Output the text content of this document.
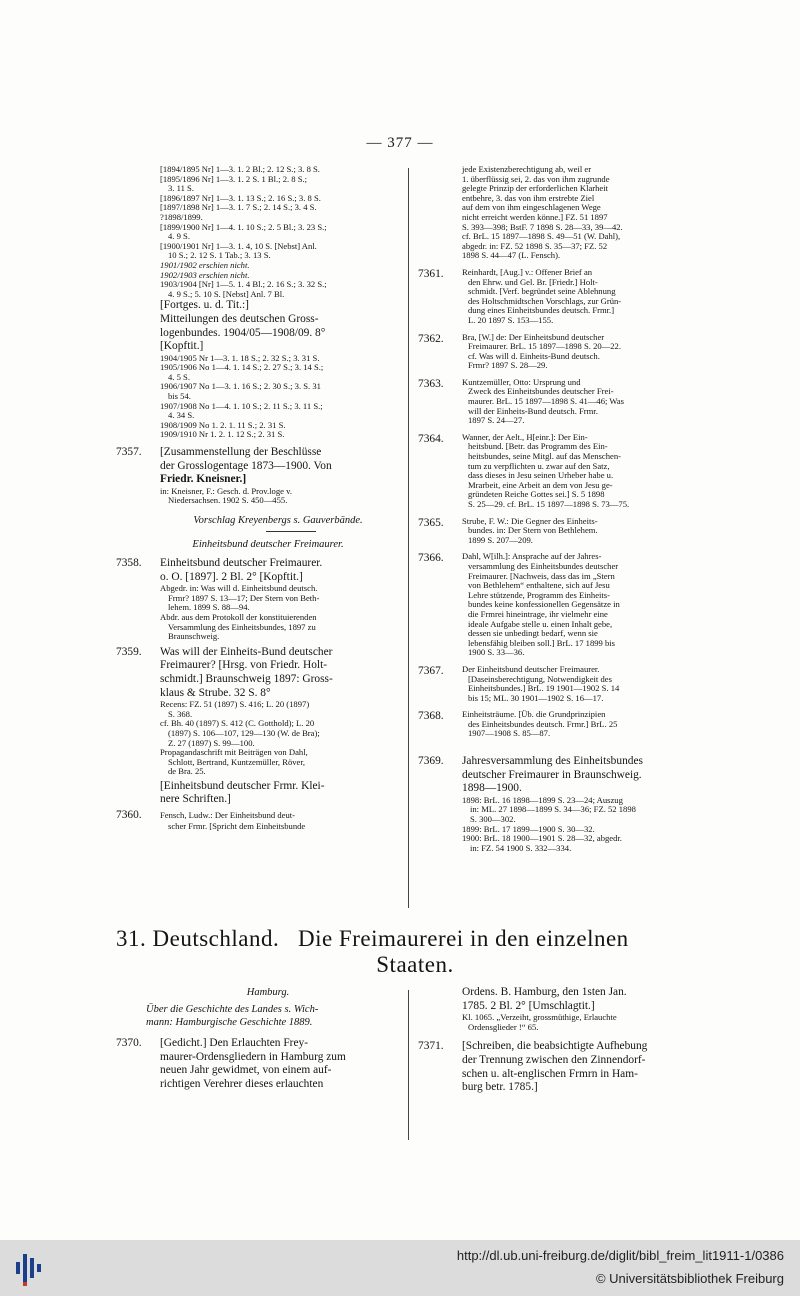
— 377 —
[1894/1895 Nr] 1—3. 1. 2 Bl.; 2. 12 S.; 3. 8 S.
[1895/1896 Nr] 1—3. 1. 2 S. 1 Bl.; 2. 8 S.;
3. 11 S.
[1896/1897 Nr] 1—3. 1. 13 S.; 2. 16 S.; 3. 8 S.
[1897/1898 Nr] 1—3. 1. 7 S.; 2. 14 S.; 3. 4 S.
?1898/1899.
[1899/1900 Nr] 1—4. 1. 10 S.; 2. 5 Bl.; 3. 23 S.;
4. 9 S.
[1900/1901 Nr] 1—3. 1. 4, 10 S. [Nebst] Anl.
10 S.; 2. 12 S. 1 Tab.; 3. 13 S.
1901/1902 erschien nicht.
1902/1903 erschien nicht.
1903/1904 [Nr] 1—5. 1. 4 Bl.; 2. 16 S.; 3. 32 S.;
4. 9 S.; 5. 10 S. [Nebst] Anl. 7 Bl.
[Fortges. u. d. Tit.:]
Mitteilungen des deutschen Gross-
logenbundes. 1904/05—1908/09. 8°
[Kopftit.]
1904/1905 Nr 1—3. 1. 18 S.; 2. 32 S.; 3. 31 S.
1905/1906 No 1—4. 1. 14 S.; 2. 27 S.; 3. 14 S.;
4. 5 S.
1906/1907 No 1—3. 1. 16 S.; 2. 30 S.; 3. S. 31
bis 54.
1907/1908 No 1—4. 1. 10 S.; 2. 11 S.; 3. 11 S.;
4. 34 S.
1908/1909 No 1. 2. 1. 11 S.; 2. 31 S.
1909/1910 Nr 1. 2. 1. 12 S.; 2. 31 S.
7357. [Zusammenstellung der Beschlüsse
der Grosslogentage 1873—1900. Von
Friedr. Kneisner.]
in: Kneisner, F.: Gesch. d. Prov.loge v.
Niedersachsen. 1902 S. 450—455.
Vorschlag Kreyenbergs s. Gauverbände.
Einheitsbund deutscher Freimaurer.
7358. Einheitsbund deutscher Freimaurer.
o. O. [1897]. 2 Bl. 2° [Kopftit.]
Abgedr. in: Was will d. Einheitsbund deutsch.
Frmr? 1897 S. 13—17; Der Stern von Beth-
lehem. 1899 S. 88—94.
Abdr. aus dem Protokoll der konstituierenden
Versammlung des Einheitsbundes, 1897 zu
Braunschweig.
7359. Was will der Einheits-Bund deutscher
Freimaurer? [Hrsg. von Friedr. Holt-
schmidt.] Braunschweig 1897: Gross-
klaus & Strube. 32 S. 8°
Recens: FZ. 51 (1897) S. 416; L. 20 (1897)
S. 368.
cf. Bh. 40 (1897) S. 412 (C. Gotthold); L. 20
(1897) S. 106—107, 129—130 (W. de Bra);
Z. 27 (1897) S. 99—100.
Propagandaschrift mit Beiträgen von Dahl,
Schlott, Bertrand, Kuntzemüller, Röver,
de Bra. 25.
[Einheitsbund deutscher Frmr. Klei-
nere Schriften.]
7360. Fensch, Ludw.: Der Einheitsbund deut-
scher Frmr. [Spricht dem Einheitsbunde
jede Existenzberechtigung ab, weil er
1. überflüssig sei, 2. das von ihm zugrunde
gelegte Prinzip der erforderlichen Klarheit
entbehre, 3. das von ihm erstrebte Ziel
auf dem von ihm eingeschlagenen Wege
nicht erreicht werden könne.] FZ. 51 1897
S. 393—398; BstF. 7 1898 S. 28—33, 39—42.
cf. BrL. 15 1897—1898 S. 49—51 (W. Dahl),
abgedr. in: FZ. 52 1898 S. 35—37; FZ. 52
1898 S. 44—47 (L. Fensch).
7361. Reinhardt, [Aug.] v.: Offener Brief an
den Ehrw. und Gel. Br. [Friedr.] Holt-
schmidt. [Verf. begründet seine Ablehnung
des Holtschmidtschen Vorschlags, zur Grün-
dung eines Einheitsbundes deutsch. Frmr.]
L. 20 1897 S. 153—155.
7362. Bra, [W.] de: Der Einheitsbund deutscher
Freimaurer. BrL. 15 1897—1898 S. 20—22.
cf. Was will d. Einheits-Bund deutsch.
Frmr? 1897 S. 28—29.
7363. Kuntzemüller, Otto: Ursprung und
Zweck des Einheitsbundes deutscher Frei-
maurer. BrL. 15 1897—1898 S. 41—46; Was
will der Einheits-Bund deutsch. Frmr.
1897 S. 24—27.
7364. Wanner, der Aelt., H[einr.]: Der Ein-
heitsbund. [Betr. das Programm des Ein-
heitsbundes, seine Mitgl. auf das Menschen-
tum zu verpflichten u. zwar auf den Satz,
dass dieses in Jesu seinen Urheber habe u.
Mrarbeit, eine Arbeit an dem von Jesu ge-
gründeten Reiche Gottes sei.] S. 5 1898
S. 25—29. cf. BrL. 15 1897—1898 S. 73—75.
7365. Strube, F. W.: Die Gegner des Einheits-
bundes. in: Der Stern von Bethlehem.
1899 S. 207—209.
7366. Dahl, W[ilh.]: Ansprache auf der Jahres-
versammlung des Einheitsbundes deutscher
Freimaurer. [Nachweis, dass das im „Stern
von Bethlehem“ enthaltene, sich auf Jesu
Lehre stützende, Programm des Einheits-
bundes keine konfessionellen Gegensätze in
die Frmrei hineintrage, ihr vielmehr eine
ideale Aufgabe stelle u. einen Inhalt gebe,
dessen sie unbedingt bedarf, wenn sie
lebensfähig bleiben soll.] BrL. 17 1899 bis
1900 S. 33—36.
7367. Der Einheitsbund deutscher Freimaurer.
[Daseinsberechtigung, Notwendigkeit des
Einheitsbundes.] BrL. 19 1901—1902 S. 14
bis 15; ML. 30 1901—1902 S. 16—17.
7368. Einheitsträume. [Üb. die Grundprinzipien
des Einheitsbundes deutsch. Frmr.] BrL. 25
1907—1908 S. 85—87.
7369. Jahresversammlung des Einheitsbundes
deutscher Freimaurer in Braunschweig.
1898—1900.
1898: BrL. 16 1898—1899 S. 23—24; Auszug
in: ML. 27 1898—1899 S. 34—36; FZ. 52 1898
S. 300—302.
1899: BrL. 17 1899—1900 S. 30—32.
1900: BrL. 18 1900—1901 S. 28—32, abgedr.
in: FZ. 54 1900 S. 332—334.
31. Deutschland.   Die Freimaurerei in den einzelnen
Staaten.
Hamburg.
Über die Geschichte des Landes s. Wich-
mann: Hamburgische Geschichte 1889.
7370. [Gedicht.] Den Erlauchten Frey-
maurer-Ordensgliedern in Hamburg zum
neuen Jahr gewidmet, von einem auf-
richtigen Verehrer dieses erlauchten
Ordens. B. Hamburg, den 1sten Jan.
1785. 2 Bl. 2° [Umschlagtit.]
Kl. 1065. „Verzeiht, grossmüthige, Erlauchte
Ordensglieder !“ 65.
7371. [Schreiben, die beabsichtigte Aufhebung
der Trennung zwischen den Zinnendorf-
schen u. alt-englischen Frmrn in Ham-
burg betr. 1785.]
http://dl.ub.uni-freiburg.de/diglit/bibl_freim_lit1911-1/0386
© Universitätsbibliothek Freiburg
